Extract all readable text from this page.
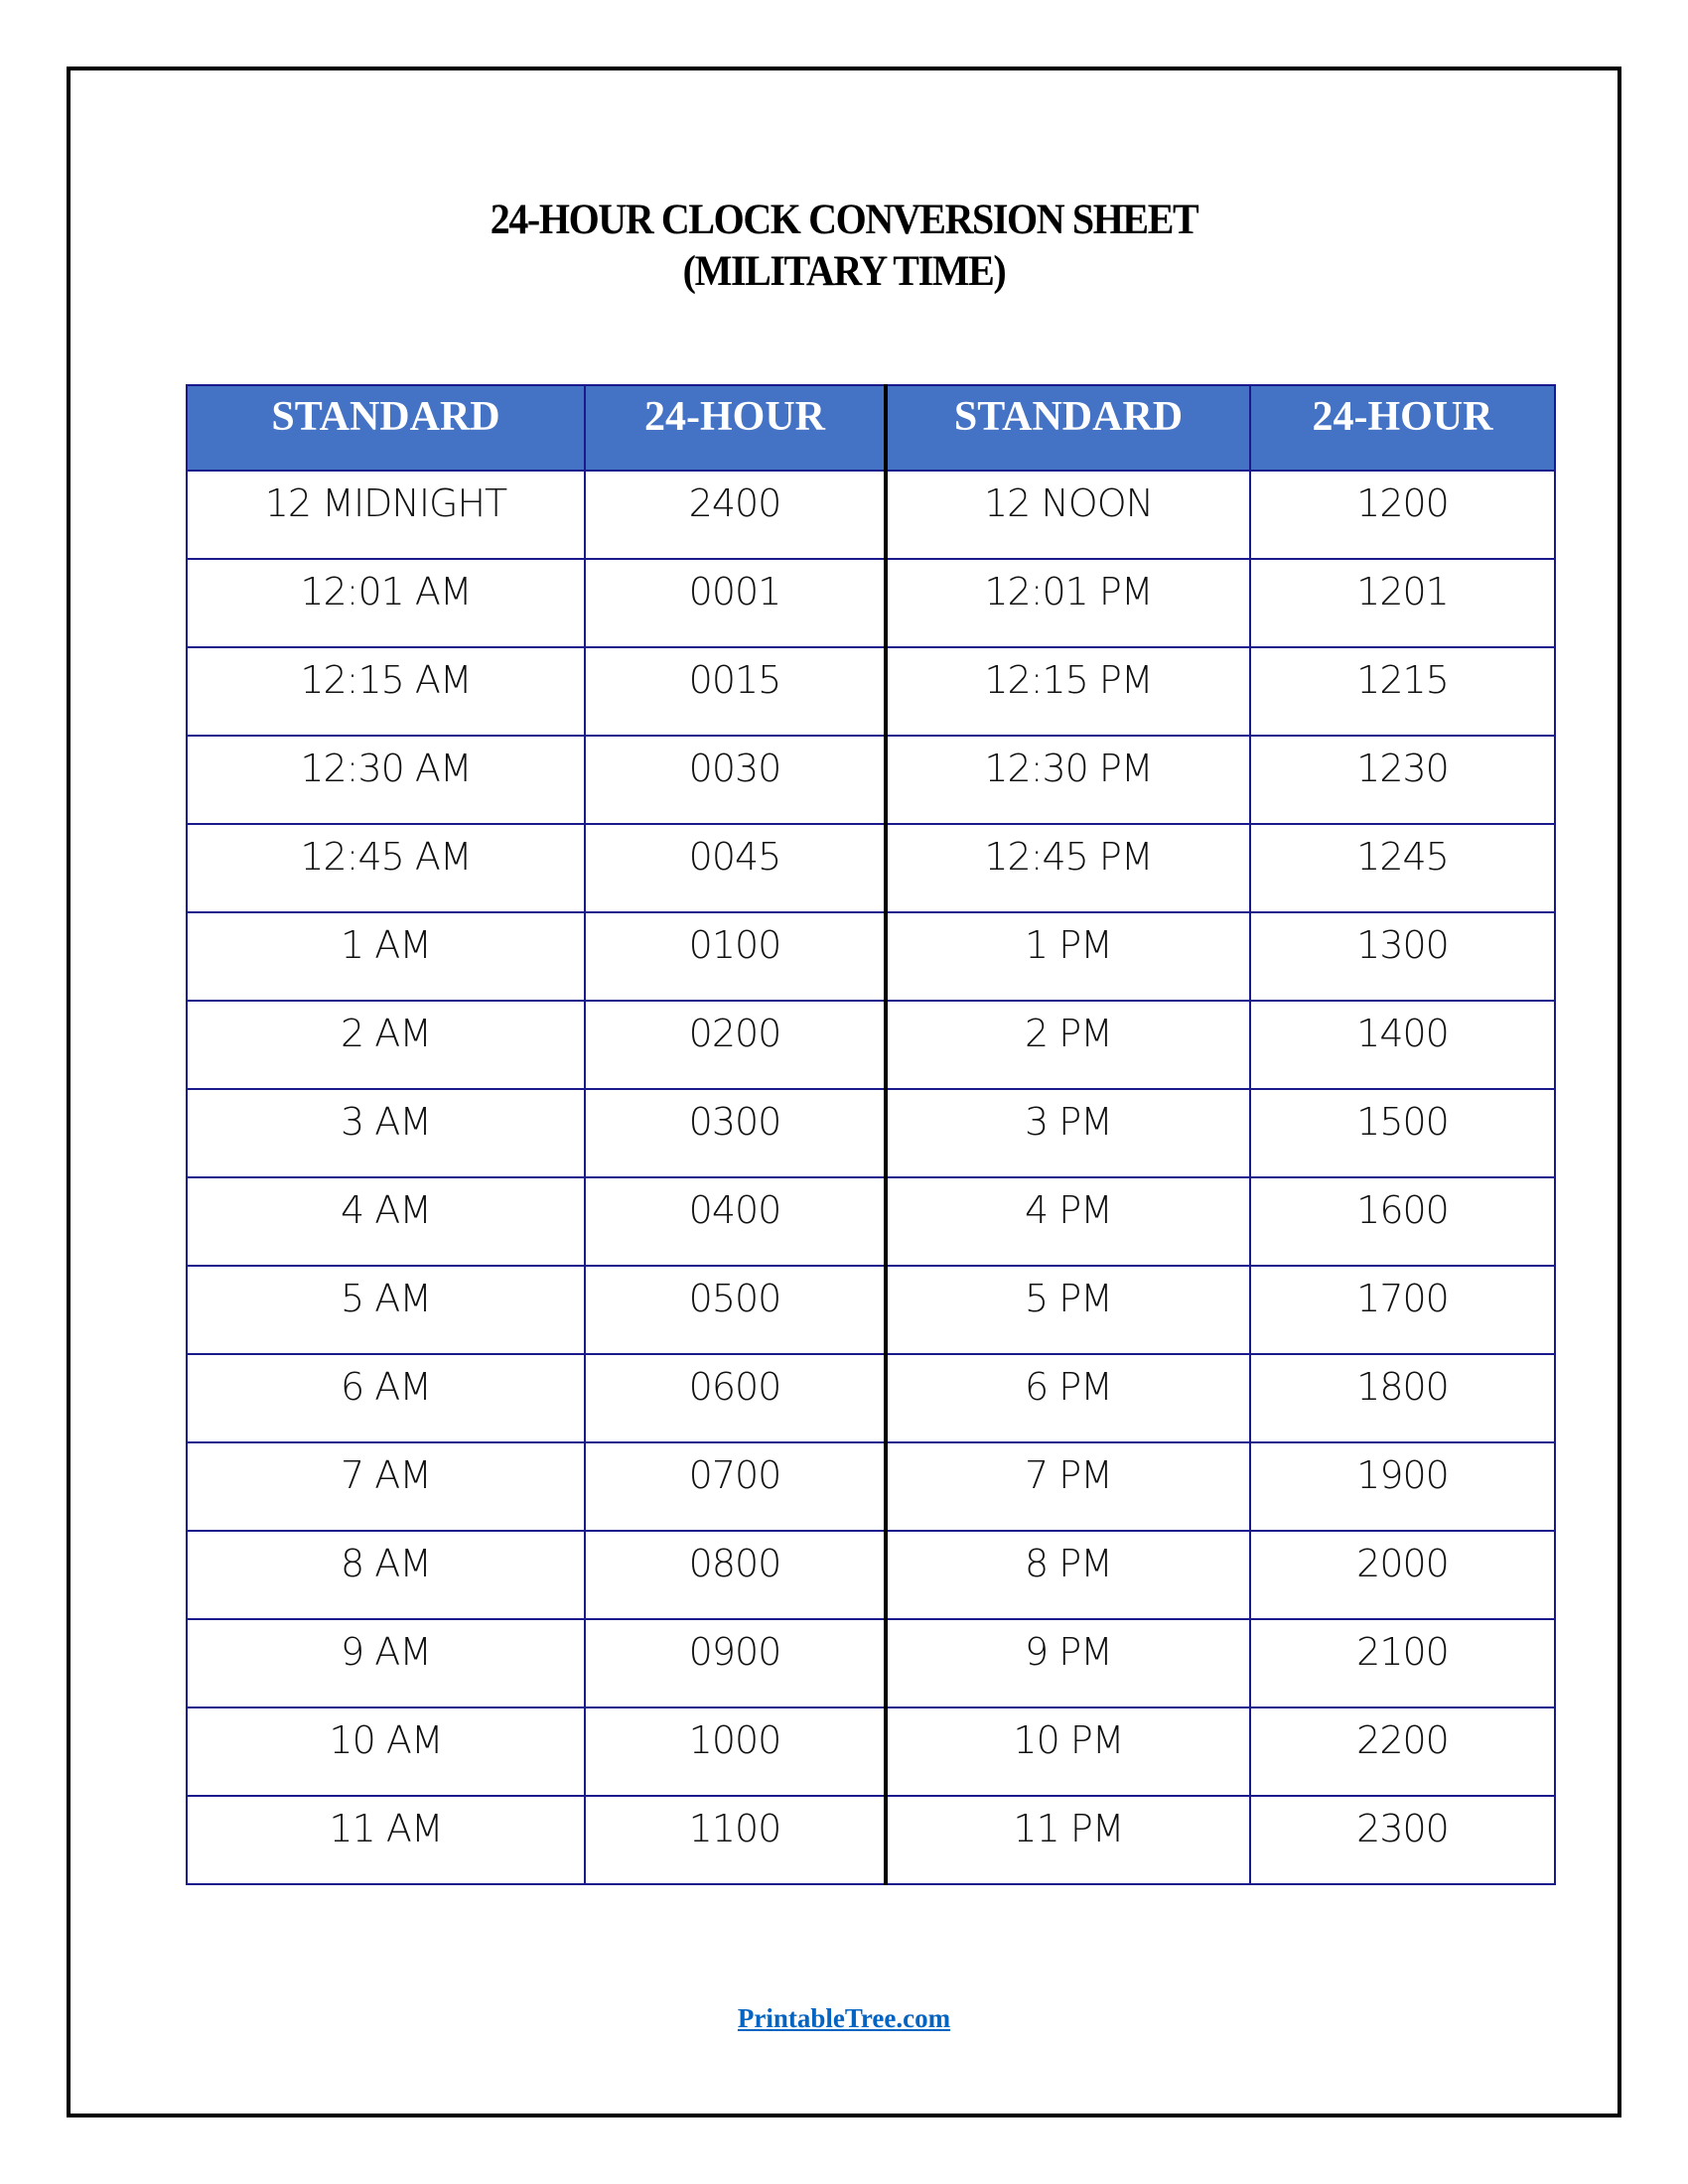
24-HOUR CLOCK CONVERSION SHEET
(MILITARY TIME)
STANDARD	24-HOUR	STANDARD	24-HOUR
12 MIDNIGHT	2400	12 NOON	1200
12:01 AM	0001	12:01 PM	1201
12:15 AM	0015	12:15 PM	1215
12:30 AM	0030	12:30 PM	1230
12:45 AM	0045	12:45 PM	1245
1 AM	0100	1 PM	1300
2 AM	0200	2 PM	1400
3 AM	0300	3 PM	1500
4 AM	0400	4 PM	1600
5 AM	0500	5 PM	1700
6 AM	0600	6 PM	1800
7 AM	0700	7 PM	1900
8 AM	0800	8 PM	2000
9 AM	0900	9 PM	2100
10 AM	1000	10 PM	2200
11 AM	1100	11 PM	2300
PrintableTree.com
